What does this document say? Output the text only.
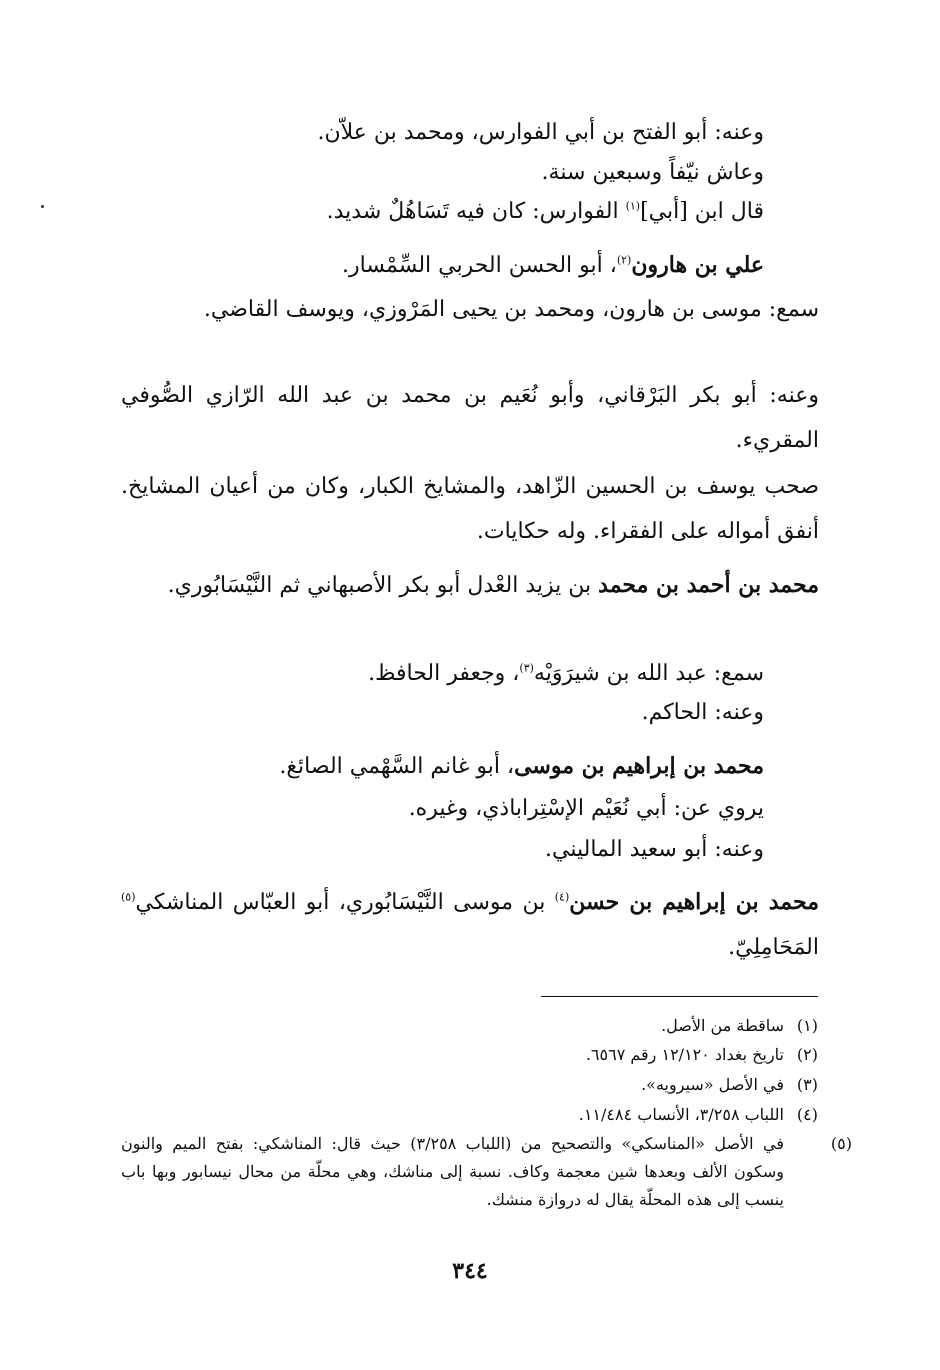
وعنه: أبو الفتح بن أبي الفوارس، ومحمد بن علاّن.
وعاش نيّفاً وسبعين سنة.
قال ابن [أبي]$^{(١)}$ الفوارس: كان فيه تَسَاهُلٌ شديد.
علي بن هارون$^{(٢)}$، أبو الحسن الحربي السِّمْسار.
سمع: موسى بن هارون، ومحمد بن يحيى المَرْوزي، ويوسف القاضي.
وعنه: أبو بكر البَرْقاني، وأبو نُعَيم بن محمد بن عبد الله الرّازي الصُّوفي المقريء.
صحب يوسف بن الحسين الزّاهد، والمشايخ الكبار، وكان من أعيان المشايخ. أنفق أمواله على الفقراء. وله حكايات.
محمد بن أحمد بن محمد بن يزيد العْدل أبو بكر الأصبهاني ثم النَّيْسَابُوري.
سمع: عبد الله بن شيرَوَيْه$^{(٣)}$، وجعفر الحافظ.
وعنه: الحاكم.
محمد بن إبراهيم بن موسى، أبو غانم السَّهْمي الصائغ.
يروي عن: أبي نُعَيْم الإسْتِراباذي، وغيره.
وعنه: أبو سعيد الماليني.
محمد بن إبراهيم بن حسن$^{(٤)}$ بن موسى النَّيْسَابُوري، أبو العبّاس المناشكي$^{(٥)}$ المَحَامِلِيّ.
(١)ساقطة من الأصل.
(٢)تاريخ بغداد ١٢/١٢٠ رقم ٦٥٦٧.
(٣)في الأصل «سيرويه».
(٤)اللباب ٣/٢٥٨، الأنساب ١١/٤٨٤.
(٥)في الأصل «المناسكي» والتصحيح من (اللباب ٣/٢٥٨) حيث قال: المناشكي: بفتح الميم والنون وسكون الألف وبعدها شين معجمة وكاف. نسبة إلى مناشك، وهي محلّة من محال نيسابور وبها باب ينسب إلى هذه المحلّة يقال له دروازة منشك.
٣٤٤
